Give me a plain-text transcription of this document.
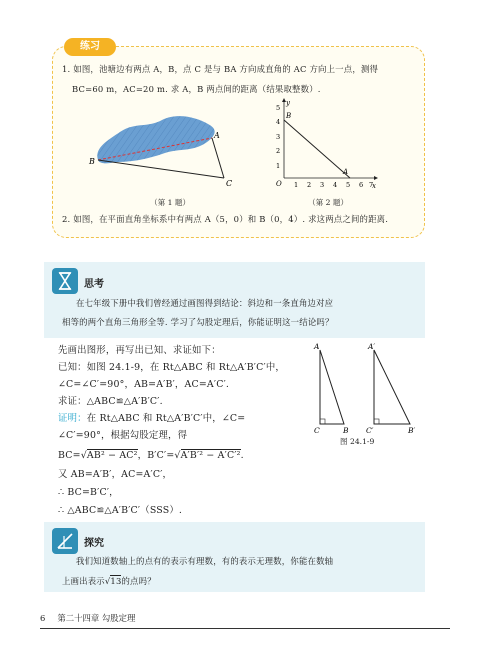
练习
1. 如图，池塘边有两点 A，B，点 C 是与 BA 方向成直角的 AC 方向上一点，测得
BC=60 m，AC=20 m. 求 A，B 两点间的距离（结果取整数）.
A
B
C
（第 1 题）
y
x
O
A
B
5
4
3
2
1
1 2 3 4 5 6 7
（第 2 题）
2. 如图，在平面直角坐标系中有两点 A（5，0）和 B（0，4）. 求这两点之间的距离.
思考
在七年级下册中我们曾经通过画图得到结论：斜边和一条直角边对应
相等的两个直角三角形全等. 学习了勾股定理后，你能证明这一结论吗？
先画出图形，再写出已知、求证如下：
已知：如图 24.1-9，在 Rt△ABC 和 Rt△A′B′C′中，
∠C=∠C′=90°，AB=A′B′，AC=A′C′.
求证：△ABC≌△A′B′C′.
证明：在 Rt△ABC 和 Rt△A′B′C′中，∠C=
∠C′=90°，根据勾股定理，得
BC=√AB² − AC²，B′C′=√A′B′² − A′C′².
又 AB=A′B′，AC=A′C′，
∴ BC=B′C′，
∴ △ABC≌△A′B′C′（SSS）.
A
C	B
A′
C′	B′
图 24.1-9
探究
我们知道数轴上的点有的表示有理数，有的表示无理数，你能在数轴
上画出表示√13的点吗？
6 第二十四章 勾股定理
